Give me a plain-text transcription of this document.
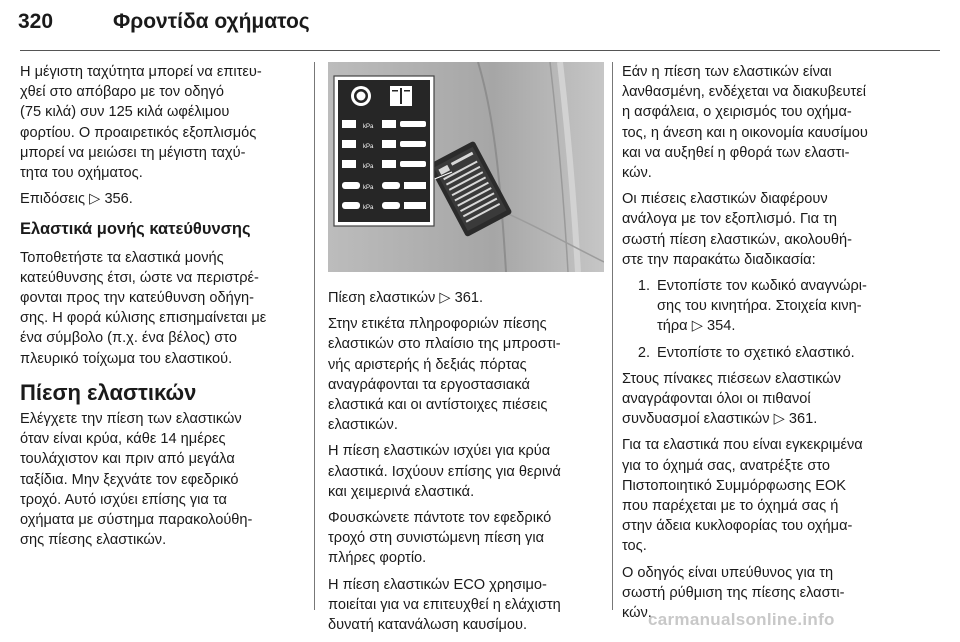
320	Φροντίδα οχήματος

Η μέγιστη ταχύτητα μπορεί να επιτευ-
χθεί στο απόβαρο με τον οδηγό
(75 κιλά) συν 125 κιλά ωφέλιμου
φορτίου. Ο προαιρετικός εξοπλισμός
μπορεί να μειώσει τη μέγιστη ταχύ-
τητα του οχήματος.

Επιδόσεις ▷ 356.

Ελαστικά μονής κατεύθυνσης

Τοποθετήστε τα ελαστικά μονής
κατεύθυνσης έτσι, ώστε να περιστρέ-
φονται προς την κατεύθυνση οδήγη-
σης. Η φορά κύλισης επισημαίνεται με
ένα σύμβολο (π.χ. ένα βέλος) στο
πλευρικό τοίχωμα του ελαστικού.

Πίεση ελαστικών

Ελέγχετε την πίεση των ελαστικών
όταν είναι κρύα, κάθε 14 ημέρες
τουλάχιστον και πριν από μεγάλα
ταξίδια. Μην ξεχνάτε τον εφεδρικό
τροχό. Αυτό ισχύει επίσης για τα
οχήματα με σύστημα παρακολούθη-
σης πίεσης ελαστικών.

kPa
kPa
kPa
kPa
kPa

Πίεση ελαστικών ▷ 361.

Στην ετικέτα πληροφοριών πίεσης
ελαστικών στο πλαίσιο της μπροστι-
νής αριστερής ή δεξιάς πόρτας
αναγράφονται τα εργοστασιακά
ελαστικά και οι αντίστοιχες πιέσεις
ελαστικών.

Η πίεση ελαστικών ισχύει για κρύα
ελαστικά. Ισχύουν επίσης για θερινά
και χειμερινά ελαστικά.

Φουσκώνετε πάντοτε τον εφεδρικό
τροχό στη συνιστώμενη πίεση για
πλήρες φορτίο.

Η πίεση ελαστικών ECO χρησιμο-
ποιείται για να επιτευχθεί η ελάχιστη
δυνατή κατανάλωση καυσίμου.

Εάν η πίεση των ελαστικών είναι
λανθασμένη, ενδέχεται να διακυβευτεί
η ασφάλεια, ο χειρισμός του οχήμα-
τος, η άνεση και η οικονομία καυσίμου
και να αυξηθεί η φθορά των ελαστι-
κών.

Οι πιέσεις ελαστικών διαφέρουν
ανάλογα με τον εξοπλισμό. Για τη
σωστή πίεση ελαστικών, ακολουθή-
στε την παρακάτω διαδικασία:

1. Εντοπίστε τον κωδικό αναγνώρι-
σης του κινητήρα. Στοιχεία κινη-
τήρα ▷ 354.
2. Εντοπίστε το σχετικό ελαστικό.

Στους πίνακες πιέσεων ελαστικών
αναγράφονται όλοι οι πιθανοί
συνδυασμοί ελαστικών ▷ 361.

Για τα ελαστικά που είναι εγκεκριμένα
για το όχημά σας, ανατρέξτε στο
Πιστοποιητικό Συμμόρφωσης ΕΟΚ
που παρέχεται με το όχημά σας ή
στην άδεια κυκλοφορίας του οχήμα-
τος.

Ο οδηγός είναι υπεύθυνος για τη
σωστή ρύθμιση της πίεσης ελαστι-
κών.

carmanualsonline.info
